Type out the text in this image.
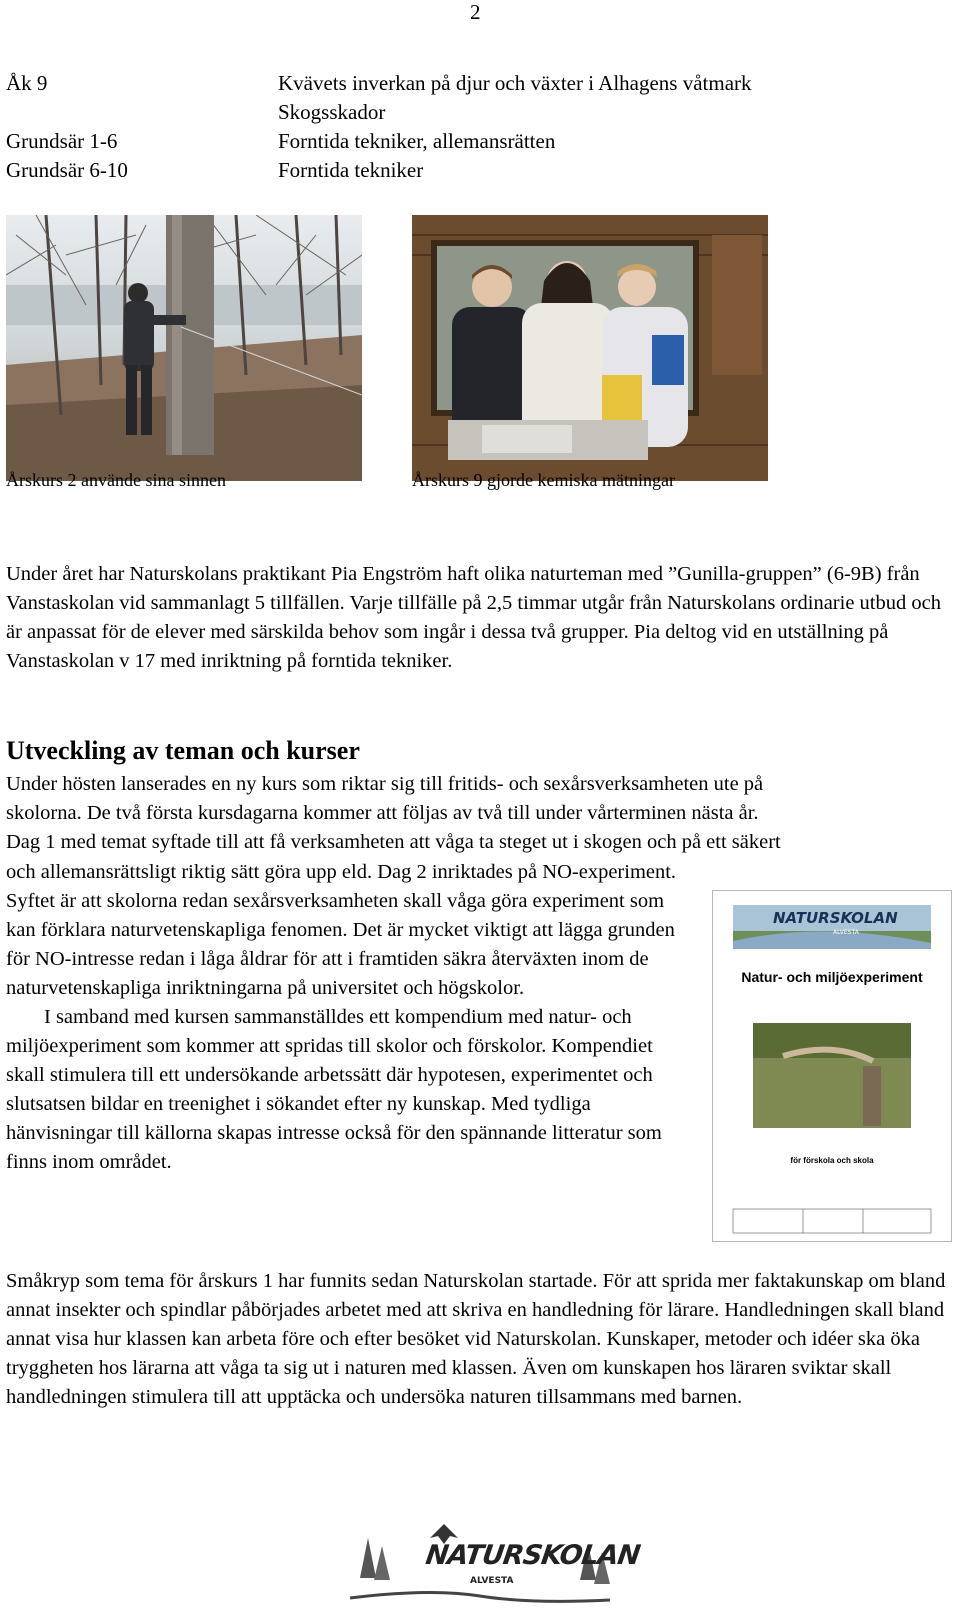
2
Åk 9	Kvävets inverkan på djur och växter i Alhagens våtmark
Skogsskador
Grundsär 1-6	Forntida tekniker, allemansrätten
Grundsär 6-10	Forntida tekniker
Årskurs 2 använde sina sinnen	Årskurs 9 gjorde kemiska mätningar

Under året har Naturskolans praktikant Pia Engström haft olika naturteman med ”Gunilla-gruppen” (6-9B) från Vanstaskolan vid sammanlagt 5 tillfällen. Varje tillfälle på 2,5 timmar utgår från Naturskolans ordinarie utbud och är anpassat för de elever med särskilda behov som ingår i dessa två grupper. Pia deltog vid en utställning på Vanstaskolan v 17 med inriktning på forntida tekniker.

Utveckling av teman och kurser
Under hösten lanserades en ny kurs som riktar sig till fritids- och sexårsverksamheten ute på
skolorna. De två första kursdagarna kommer att följas av två till under vårterminen nästa år.
Dag 1 med temat syftade till att få verksamheten att våga ta steget ut i skogen och på ett säkert
och allemansrättsligt riktig sätt göra upp eld. Dag 2 inriktades på NO-experiment. Syftet är att skolorna redan sexårsverksamheten skall våga göra experiment som kan förklara naturvetenskapliga fenomen. Det är mycket viktigt att lägga grunden för NO-intresse redan i låga åldrar för att i framtiden säkra återväxten inom de naturvetenskapliga inriktningarna på universitet och högskolor.
I samband med kursen sammanställdes ett kompendium med natur- och miljöexperiment som kommer att spridas till skolor och förskolor. Kompendiet skall stimulera till ett undersökande arbetssätt där hypotesen, experimentet och slutsatsen bildar en treenighet i sökandet efter ny kunskap. Med tydliga hänvisningar till källorna skapas intresse också för den spännande litteratur som finns inom området.
NATURSKOLAN
ALVESTA
Natur- och miljöexperiment
för förskola och skola

Småkryp som tema för årskurs 1 har funnits sedan Naturskolan startade. För att sprida mer faktakunskap om bland annat insekter och spindlar påbörjades arbetet med att skriva en handledning för lärare. Handledningen skall bland annat visa hur klassen kan arbeta före och efter besöket vid Naturskolan. Kunskaper, metoder och idéer ska öka tryggheten hos lärarna att våga ta sig ut i naturen med klassen. Även om kunskapen hos läraren sviktar skall handledningen stimulera till att upptäcka och undersöka naturen tillsammans med barnen.

NATURSKOLAN
ALVESTA
